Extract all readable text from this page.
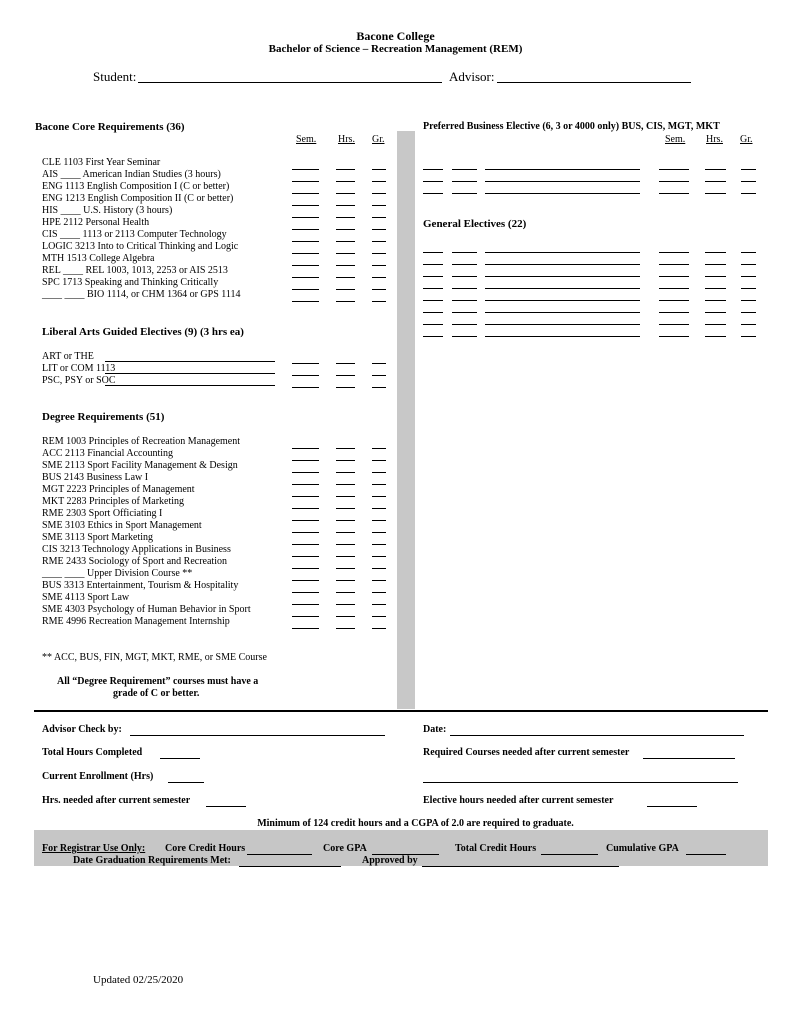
Bacone College
Bachelor of Science – Recreation Management (REM)
Student:	Advisor:
Bacone Core Requirements (36)
Sem. Hrs. Gr.
Liberal Arts Guided Electives (9) (3 hrs ea)
Degree Requirements (51)
** ACC, BUS, FIN, MGT, MKT, RME, or SME Course
All “Degree Requirement” courses must have a
grade of C or better.
Preferred Business Elective (6, 3 or 4000 only) BUS, CIS, MGT, MKT
Sem. Hrs. Gr.
General Electives (22)
Advisor Check by:	Date:
Total Hours Completed	Required Courses needed after current semester
Current Enrollment (Hrs)
Hrs. needed after current semester	Elective hours needed after current semester
Minimum of 124 credit hours and a CGPA of 2.0 are required to graduate.
For Registrar Use Only: Core Credit Hours	Core GPA	Total Credit Hours	Cumulative GPA
Date Graduation Requirements Met:	Approved by
Updated 02/25/2020
CLE 1103 First Year Seminar
AIS ____ American Indian Studies (3 hours)
ENG 1113 English Composition I (C or better)
ENG 1213 English Composition II (C or better)
HIS ____ U.S. History (3 hours)
HPE 2112 Personal Health
CIS ____ 1113 or 2113 Computer Technology
LOGIC 3213 Into to Critical Thinking and Logic
MTH 1513 College Algebra
REL ____ REL 1003, 1013, 2253 or AIS 2513
SPC 1713 Speaking and Thinking Critically
____ ____ BIO 1114, or CHM 1364 or GPS 1114
ART or THE
LIT or COM 1113
PSC, PSY or SOC
REM 1003 Principles of Recreation Management
ACC 2113 Financial Accounting
SME 2113 Sport Facility Management & Design
BUS 2143 Business Law I
MGT 2223 Principles of Management
MKT 2283 Principles of Marketing
RME 2303 Sport Officiating I
SME 3103 Ethics in Sport Management
SME 3113 Sport Marketing
CIS 3213 Technology Applications in Business
RME 2433 Sociology of Sport and Recreation
____ ____ Upper Division Course **
BUS 3313 Entertainment, Tourism & Hospitality
SME 4113 Sport Law
SME 4303 Psychology of Human Behavior in Sport
RME 4996 Recreation Management Internship
